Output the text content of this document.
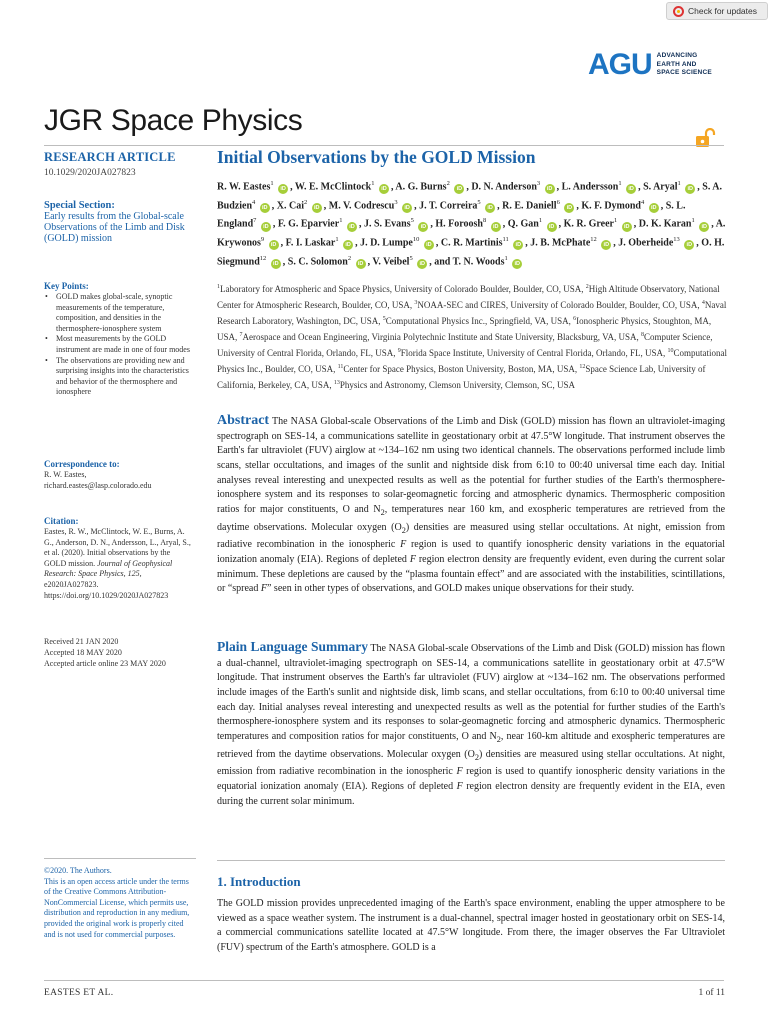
Check for updates
AGU ADVANCING
EARTH AND
SPACE SCIENCE
JGR Space Physics
RESEARCH ARTICLE
10.1029/2020JA027823
Special Section:
Early results from the Global-scale Observations of the Limb and Disk (GOLD) mission
Key Points:
• GOLD makes global-scale, synoptic measurements of the temperature, composition, and densities in the thermosphere-ionosphere system
• Most measurements by the GOLD instrument are made in one of four modes
• The observations are providing new and surprising insights into the characteristics and behavior of the thermosphere and ionosphere
Correspondence to:
R. W. Eastes,
richard.eastes@lasp.colorado.edu
Citation:
Eastes, R. W., McClintock, W. E., Burns, A. G., Anderson, D. N., Andersson, L., Aryal, S., et al. (2020). Initial observations by the GOLD mission. Journal of Geophysical Research: Space Physics, 125, e2020JA027823. https://doi.org/10.1029/2020JA027823
Received 21 JAN 2020
Accepted 18 MAY 2020
Accepted article online 23 MAY 2020
©2020. The Authors.
This is an open access article under the terms of the Creative Commons Attribution-NonCommercial License, which permits use, distribution and reproduction in any medium, provided the original work is properly cited and is not used for commercial purposes.
Initial Observations by the GOLD Mission
R. W. Eastes$^1$ iD , W. E. McClintock$^1$ iD , A. G. Burns$^2$ iD , D. N. Anderson$^3$ iD , L. Andersson$^1$ iD , S. Aryal$^1$ iD , S. A. Budzien$^4$ iD , X. Cai$^2$ iD , M. V. Codrescu$^3$ iD , J. T. Correira$^5$ iD , R. E. Daniell$^6$ iD , K. F. Dymond$^4$ iD , S. L. England$^7$ iD , F. G. Eparvier$^1$ iD , J. S. Evans$^5$ iD , H. Foroosh$^8$ iD , Q. Gan$^1$ iD , K. R. Greer$^1$ iD , D. K. Karan$^1$ iD , A. Krywonos$^9$ iD , F. I. Laskar$^1$ iD , J. D. Lumpe$^{10}$ iD , C. R. Martinis$^{11}$ iD , J. B. McPhate$^{12}$ iD , J. Oberheide$^{13}$ iD , O. H. Siegmund$^{12}$ iD , S. C. Solomon$^2$ iD , V. Veibel$^5$ iD , and T. N. Woods$^1$ iD
$^1$Laboratory for Atmospheric and Space Physics, University of Colorado Boulder, Boulder, CO, USA, $^2$High Altitude Observatory, National Center for Atmospheric Research, Boulder, CO, USA, $^3$NOAA-SEC and CIRES, University of Colorado Boulder, Boulder, CO, USA, $^4$Naval Research Laboratory, Washington, DC, USA, $^5$Computational Physics Inc., Springfield, VA, USA, $^6$Ionospheric Physics, Stoughton, MA, USA, $^7$Aerospace and Ocean Engineering, Virginia Polytechnic Institute and State University, Blacksburg, VA, USA, $^8$Computer Science, University of Central Florida, Orlando, FL, USA, $^9$Florida Space Institute, University of Central Florida, Orlando, FL, USA, $^{10}$Computational Physics Inc., Boulder, CO, USA, $^{11}$Center for Space Physics, Boston University, Boston, MA, USA, $^{12}$Space Science Lab, University of California, Berkeley, CA, USA, $^{13}$Physics and Astronomy, Clemson University, Clemson, SC, USA
Abstract The NASA Global-scale Observations of the Limb and Disk (GOLD) mission has flown an ultraviolet-imaging spectrograph on SES-14, a communications satellite in geostationary orbit at 47.5°W longitude. That instrument observes the Earth's far ultraviolet (FUV) airglow at ~134–162 nm using two identical channels. The observations performed include limb scans, stellar occultations, and images of the sunlit and nightside disk from 6:10 to 00:40 universal time each day. Initial analyses reveal interesting and unexpected results as well as the potential for further studies of the Earth's thermosphere-ionosphere system and its responses to solar-geomagnetic forcing and atmospheric dynamics. Thermospheric composition ratios for major constituents, O and $N_2$, temperatures near 160 km, and exospheric temperatures are retrieved from the daytime observations. Molecular oxygen $(O_2)$ densities are measured using stellar occultations. At night, emission from radiative recombination in the ionospheric F region is used to quantify ionospheric density variations in the equatorial ionization anomaly (EIA). Regions of depleted F region electron density are frequently evident, even during the current solar minimum. These depletions are caused by the “plasma fountain effect” and are associated with the instabilities, scintillations, or “spread F” seen in other types of observations, and GOLD makes unique observations for their study.
Plain Language Summary The NASA Global-scale Observations of the Limb and Disk (GOLD) mission has flown a dual-channel, ultraviolet-imaging spectrograph on SES-14, a communications satellite in geostationary orbit at 47.5°W longitude. That instrument observes the Earth's far ultraviolet (FUV) airglow at ~134–162 nm. The observations performed include images of the Earth's sunlit and nightside disk, limb scans, and stellar occultations, from 6:10 to 00:40 universal time each day. Initial analyses reveal interesting and unexpected results as well as the potential for further studies of the Earth's thermosphere-ionosphere system and its responses to solar-geomagnetic forcing and atmospheric dynamics. Thermospheric temperatures and composition ratios for major constituents, O and $N_2$, near 160-km altitude and exospheric temperatures are retrieved from the daytime observations. Molecular oxygen $(O_2)$ densities are measured using stellar occultations. At night, emission from radiative recombination in the ionospheric F region is used to quantify ionospheric density variations in the equatorial ionization anomaly (EIA). Regions of depleted F region electron density are frequently evident in the EIA, even during the current solar minimum.
1. Introduction
The GOLD mission provides unprecedented imaging of the Earth's space environment, enabling the upper atmosphere to be viewed as a space weather system. The instrument is a dual-channel, spectral imager hosted in geostationary orbit on SES-14, a commercial communications satellite located at 47.5°W longitude. From there, the imager observes the Far Ultraviolet (FUV) spectrum of the Earth's atmosphere. GOLD is a
EASTES ET AL.	1 of 11
